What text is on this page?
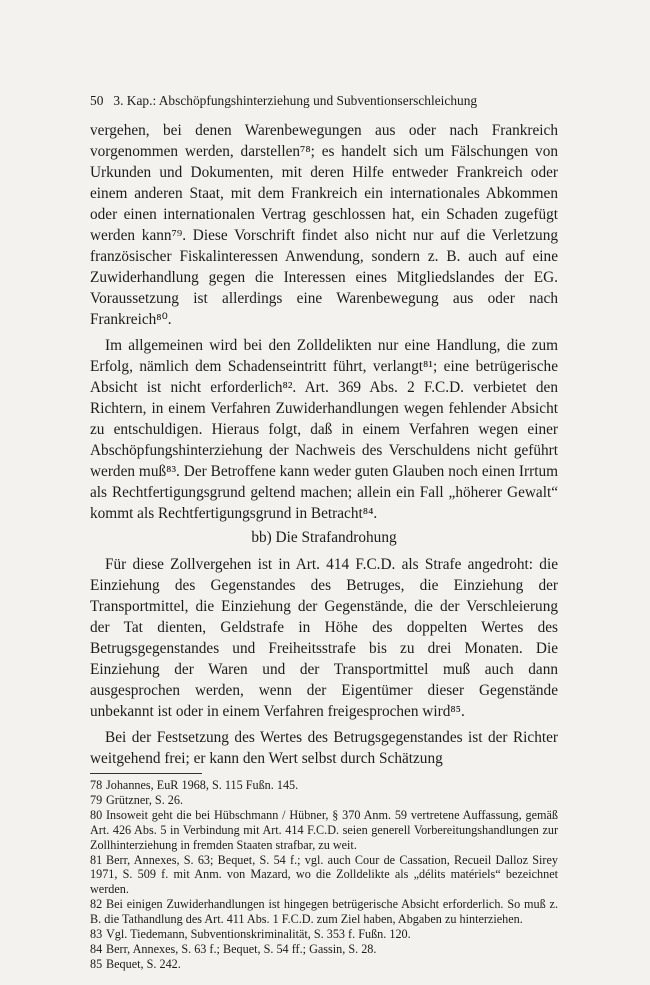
50 3. Kap.: Abschöpfungshinterziehung und Subventionserschleichung

vergehen, bei denen Warenbewegungen aus oder nach Frankreich vorgenommen werden, darstellen⁷⁸; es handelt sich um Fälschungen von Urkunden und Dokumenten, mit deren Hilfe entweder Frankreich oder einem anderen Staat, mit dem Frankreich ein internationales Abkommen oder einen internationalen Vertrag geschlossen hat, ein Schaden zugefügt werden kann⁷⁹. Diese Vorschrift findet also nicht nur auf die Verletzung französischer Fiskalinteressen Anwendung, sondern z. B. auch auf eine Zuwiderhandlung gegen die Interessen eines Mitgliedslandes der EG. Voraussetzung ist allerdings eine Warenbewegung aus oder nach Frankreich⁸⁰.

Im allgemeinen wird bei den Zolldelikten nur eine Handlung, die zum Erfolg, nämlich dem Schadenseintritt führt, verlangt⁸¹; eine betrügerische Absicht ist nicht erforderlich⁸². Art. 369 Abs. 2 F.C.D. verbietet den Richtern, in einem Verfahren Zuwiderhandlungen wegen fehlender Absicht zu entschuldigen. Hieraus folgt, daß in einem Verfahren wegen einer Abschöpfungshinterziehung der Nachweis des Verschuldens nicht geführt werden muß⁸³. Der Betroffene kann weder guten Glauben noch einen Irrtum als Rechtfertigungsgrund geltend machen; allein ein Fall „höherer Gewalt“ kommt als Rechtfertigungsgrund in Betracht⁸⁴.

bb) Die Strafandrohung

Für diese Zollvergehen ist in Art. 414 F.C.D. als Strafe angedroht: die Einziehung des Gegenstandes des Betruges, die Einziehung der Transportmittel, die Einziehung der Gegenstände, die der Verschleierung der Tat dienten, Geldstrafe in Höhe des doppelten Wertes des Betrugsgegenstandes und Freiheitsstrafe bis zu drei Monaten. Die Einziehung der Waren und der Transportmittel muß auch dann ausgesprochen werden, wenn der Eigentümer dieser Gegenstände unbekannt ist oder in einem Verfahren freigesprochen wird⁸⁵.

Bei der Festsetzung des Wertes des Betrugsgegenstandes ist der Richter weitgehend frei; er kann den Wert selbst durch Schätzung

78 Johannes, EuR 1968, S. 115 Fußn. 145.
79 Grützner, S. 26.
80 Insoweit geht die bei Hübschmann / Hübner, § 370 Anm. 59 vertretene Auffassung, gemäß Art. 426 Abs. 5 in Verbindung mit Art. 414 F.C.D. seien generell Vorbereitungshandlungen zur Zollhinterziehung in fremden Staaten strafbar, zu weit.
81 Berr, Annexes, S. 63; Bequet, S. 54 f.; vgl. auch Cour de Cassation, Recueil Dalloz Sirey 1971, S. 509 f. mit Anm. von Mazard, wo die Zolldelikte als „délits matériels“ bezeichnet werden.
82 Bei einigen Zuwiderhandlungen ist hingegen betrügerische Absicht erforderlich. So muß z. B. die Tathandlung des Art. 411 Abs. 1 F.C.D. zum Ziel haben, Abgaben zu hinterziehen.
83 Vgl. Tiedemann, Subventionskriminalität, S. 353 f. Fußn. 120.
84 Berr, Annexes, S. 63 f.; Bequet, S. 54 ff.; Gassin, S. 28.
85 Bequet, S. 242.
